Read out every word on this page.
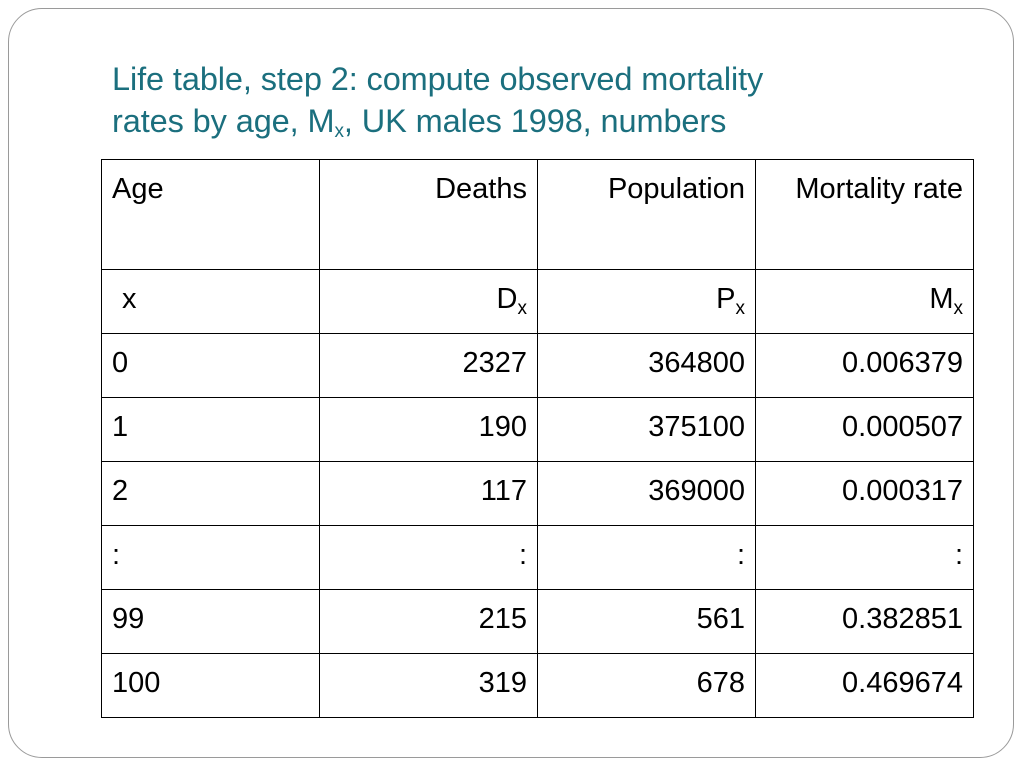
Life table, step 2: compute observed mortality
rates by age, $M_x$, UK males 1998, numbers
Age	Deaths	Population	Mortality rate
x	$D_x$	$P_x$	$M_x$
0	2327	364800	0.006379
1	190	375100	0.000507
2	117	369000	0.000317
:	:	:	:
99	215	561	0.382851
100	319	678	0.469674
